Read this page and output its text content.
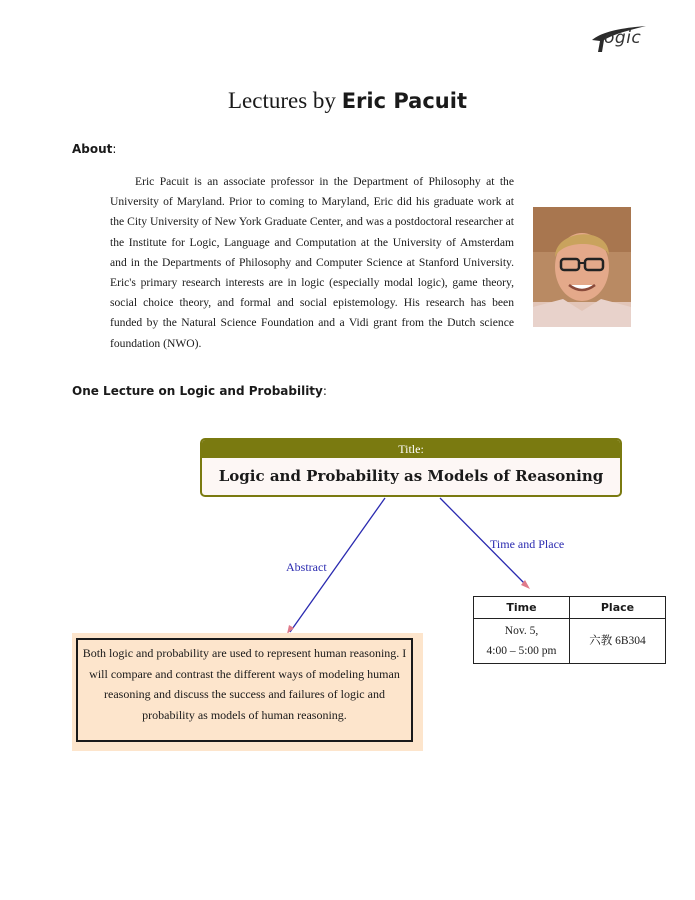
ogic
Lectures by Eric Pacuit
About:
Eric Pacuit is an associate professor in the Department of Philosophy at the University of Maryland. Prior to coming to Maryland, Eric did his graduate work at the City University of New York Graduate Center, and was a postdoctoral researcher at the Institute for Logic, Language and Computation at the University of Amsterdam and in the Departments of Philosophy and Computer Science at Stanford University. Eric's primary research interests are in logic (especially modal logic), game theory, social choice theory, and formal and social epistemology. His research has been funded by the Natural Science Foundation and a Vidi grant from the Dutch science foundation (NWO).
One Lecture on Logic and Probability:
Title:
Logic and Probability as Models of Reasoning
Abstract
Time and Place
Both logic and probability are used to represent human reasoning. I will compare and contrast the different ways of modeling human reasoning and discuss the success and failures of logic and probability as models of human reasoning.
Time	Place

Nov. 5,
4:00 – 5:00 pm	六教 6B304
